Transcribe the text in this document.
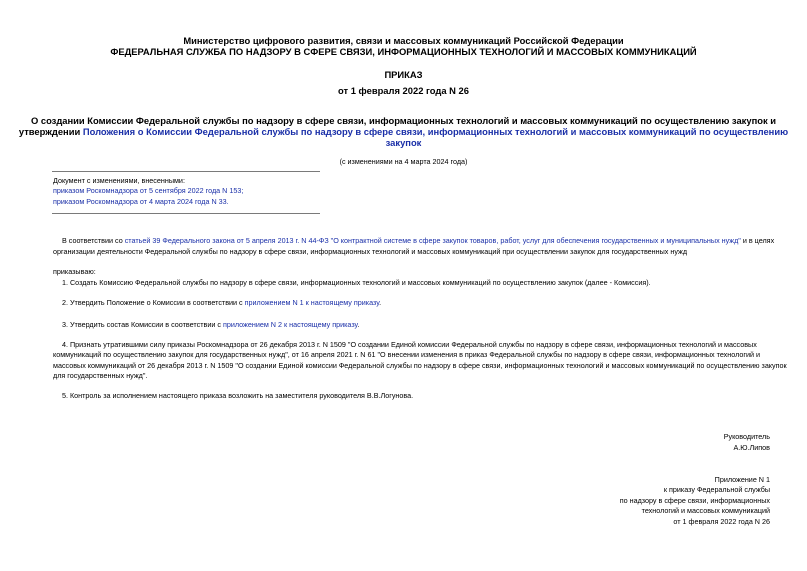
Министерство цифрового развития, связи и массовых коммуникаций Российской Федерации
ФЕДЕРАЛЬНАЯ СЛУЖБА ПО НАДЗОРУ В СФЕРЕ СВЯЗИ, ИНФОРМАЦИОННЫХ ТЕХНОЛОГИЙ И МАССОВЫХ КОММУНИКАЦИЙ
ПРИКАЗ
от 1 февраля 2022 года N 26
О создании Комиссии Федеральной службы по надзору в сфере связи, информационных технологий и массовых коммуникаций по осуществлению закупок и
утверждении Положения о Комиссии Федеральной службы по надзору в сфере связи, информационных технологий и массовых коммуникаций по осуществлению
закупок
(с изменениями на 4 марта 2024 года)
Документ с изменениями, внесенными:
приказом Роскомнадзора от 5 сентября 2022 года N 153;
приказом Роскомнадзора от 4 марта 2024 года N 33.
В соответствии со статьей 39 Федерального закона от 5 апреля 2013 г. N 44-ФЗ "О контрактной системе в сфере закупок товаров, работ, услуг для обеспечения государственных и муниципальных нужд" и в целях
организации деятельности Федеральной службы по надзору в сфере связи, информационных технологий и массовых коммуникаций при осуществлении закупок для государственных нужд
приказываю:
1. Создать Комиссию Федеральной службы по надзору в сфере связи, информационных технологий и массовых коммуникаций по осуществлению закупок (далее - Комиссия).
2. Утвердить Положение о Комиссии в соответствии с приложением N 1 к настоящему приказу.
3. Утвердить состав Комиссии в соответствии с приложением N 2 к настоящему приказу.
4. Признать утратившими силу приказы Роскомнадзора от 26 декабря 2013 г. N 1509 "О создании Единой комиссии Федеральной службы по надзору в сфере связи, информационных технологий и массовых
коммуникаций по осуществлению закупок для государственных нужд", от 16 апреля 2021 г. N 61 "О внесении изменения в приказ Федеральной службы по надзору в сфере связи, информационных технологий и
массовых коммуникаций от 26 декабря 2013 г. N 1509 "О создании Единой комиссии Федеральной службы по надзору в сфере связи, информационных технологий и массовых коммуникаций по осуществлению закупок
для государственных нужд".
5. Контроль за исполнением настоящего приказа возложить на заместителя руководителя В.В.Логунова.
Руководитель
А.Ю.Липов
Приложение N 1
к приказу Федеральной службы
по надзору в сфере связи, информационных
технологий и массовых коммуникаций
от 1 февраля 2022 года N 26
